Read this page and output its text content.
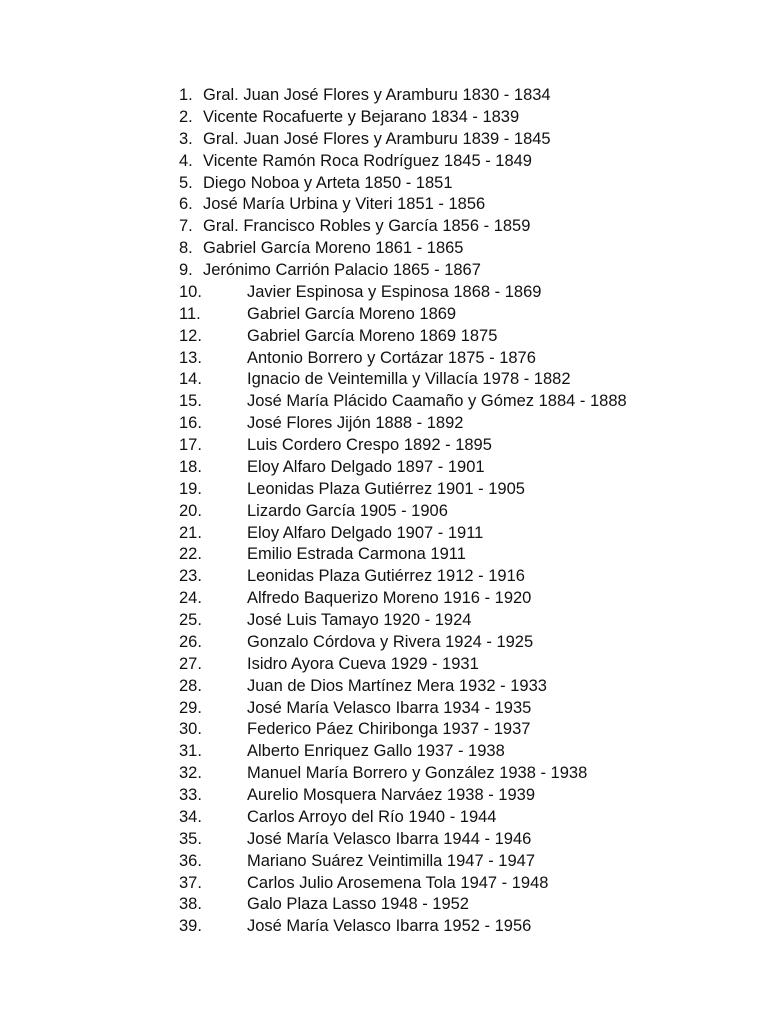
1. Gral. Juan José Flores y Aramburu 1830 - 1834
2. Vicente Rocafuerte y Bejarano 1834 - 1839
3. Gral. Juan José Flores y Aramburu 1839 - 1845
4. Vicente Ramón Roca Rodríguez 1845 - 1849
5. Diego Noboa y Arteta 1850 - 1851
6. José María Urbina y Viteri 1851 - 1856
7. Gral. Francisco Robles y García 1856 - 1859
8. Gabriel García Moreno 1861 - 1865
9. Jerónimo Carrión Palacio 1865 - 1867
10.	Javier Espinosa y Espinosa 1868 - 1869
11.	Gabriel García Moreno 1869
12.	Gabriel García Moreno 1869 1875
13.	Antonio Borrero y Cortázar 1875 - 1876
14.	Ignacio de Veintemilla y Villacía 1978 - 1882
15.	José María Plácido Caamaño y Gómez 1884 - 1888
16.	José Flores Jijón 1888 - 1892
17.	Luis Cordero Crespo 1892 - 1895
18.	Eloy Alfaro Delgado 1897 - 1901
19.	Leonidas Plaza Gutiérrez 1901 - 1905
20.	Lizardo García 1905 - 1906
21.	Eloy Alfaro Delgado 1907 - 1911
22.	Emilio Estrada Carmona 1911
23.	Leonidas Plaza Gutiérrez 1912 - 1916
24.	Alfredo Baquerizo Moreno 1916 - 1920
25.	José Luis Tamayo 1920 - 1924
26.	Gonzalo Córdova y Rivera 1924 - 1925
27.	Isidro Ayora Cueva 1929 - 1931
28.	Juan de Dios Martínez Mera 1932 - 1933
29.	José María Velasco Ibarra 1934 - 1935
30.	Federico Páez Chiribonga 1937 - 1937
31.	Alberto Enriquez Gallo 1937 - 1938
32.	Manuel María Borrero y González 1938 - 1938
33.	Aurelio Mosquera Narváez 1938 - 1939
34.	Carlos Arroyo del Río 1940 - 1944
35.	José María Velasco Ibarra 1944 - 1946
36.	Mariano Suárez Veintimilla 1947 - 1947
37.	Carlos Julio Arosemena Tola 1947 - 1948
38.	Galo Plaza Lasso 1948 - 1952
39.	José María Velasco Ibarra 1952 - 1956
